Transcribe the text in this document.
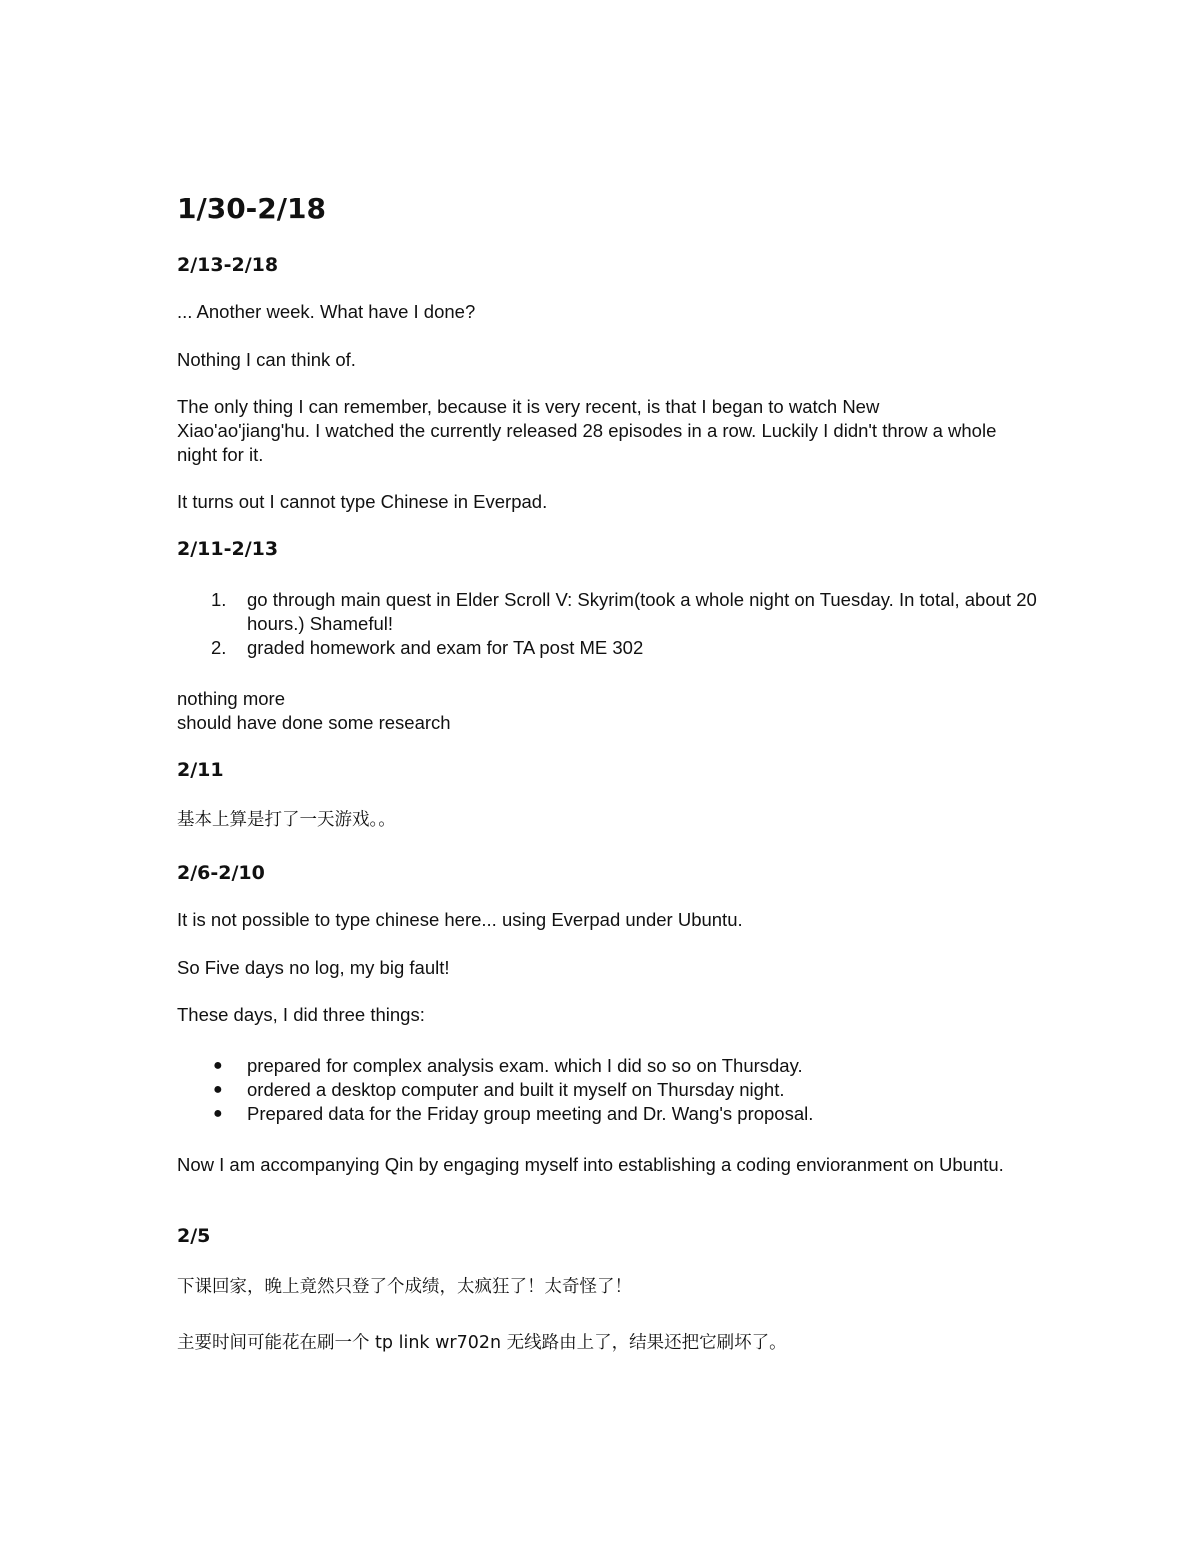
1/30-2/18
2/13-2/18

... Another week. What have I done?

Nothing I can think of.

The only thing I can remember, because it is very recent, is that I began to watch New Xiao'ao'jiang'hu. I watched the currently released 28 episodes in a row. Luckily I didn't throw a whole night for it.

It turns out I cannot type Chinese in Everpad.

2/11-2/13
1. go through main quest in Elder Scroll V: Skyrim(took a whole night on Tuesday. In total, about 20 hours.) Shameful!
2. graded homework and exam for TA post ME 302

nothing more

should have done some research

2/11

基本上算是打了一天游戏。。

2/6-2/10

It is not possible to type chinese here... using Everpad under Ubuntu.

So Five days no log, my big fault!

These days, I did three things:

● prepared for complex analysis exam. which I did so so on Thursday.
● ordered a desktop computer and built it myself on Thursday night.
● Prepared data for the Friday group meeting and Dr. Wang's proposal.

Now I am accompanying Qin by engaging myself into establishing a coding envioranment on Ubuntu.

2/5

下课回家，晚上竟然只登了个成绩，太疯狂了！太奇怪了！

主要时间可能花在刷一个 tp link wr702n 无线路由上了，结果还把它刷坏了。
